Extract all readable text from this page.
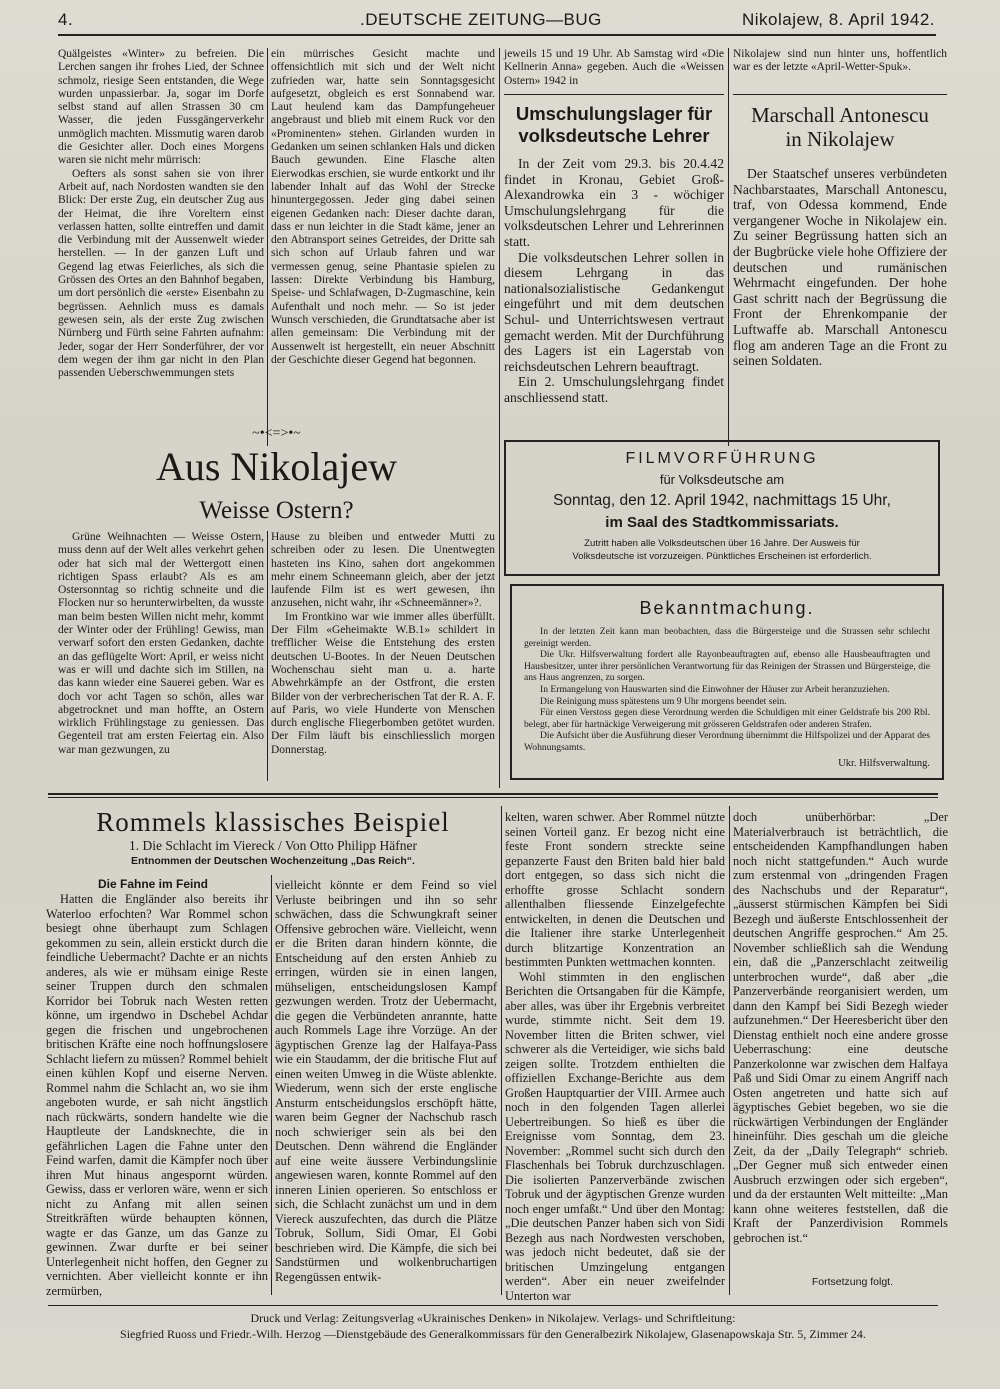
4.	.DEUTSCHE ZEITUNG—BUG	Nikolajew, 8. April 1942.

Quälgeistes «Winter» zu befreien. Die Lerchen sangen ihr frohes Lied, der Schnee schmolz, riesige Seen entstanden, die Wege wurden unpassierbar. Ja, sogar im Dorfe selbst stand auf allen Strassen 30 cm Wasser, die jeden Fussgängerverkehr unmöglich machten. Missmutig waren darob die Gesichter aller. Doch eines Morgens waren sie nicht mehr mürrisch:

Oefters als sonst sahen sie von ihrer Arbeit auf, nach Nordosten wandten sie den Blick: Der erste Zug, ein deutscher Zug aus der Heimat, die ihre Voreltern einst verlassen hatten, sollte eintreffen und damit die Verbindung mit der Aussenwelt wieder herstellen. — In der ganzen Luft und Gegend lag etwas Feierliches, als sich die Grössen des Ortes an den Bahnhof begaben, um dort persönlich die «erste» Eisenbahn zu begrüssen. Aehnlich muss es damals gewesen sein, als der erste Zug zwischen Nürnberg und Fürth seine Fahrten aufnahm: Jeder, sogar der Herr Sonderführer, der vor dem wegen der ihm gar nicht in den Plan passenden Ueberschwemmungen stets

ein mürrisches Gesicht machte und offensichtlich mit sich und der Welt nicht zufrieden war, hatte sein Sonntagsgesicht aufgesetzt, obgleich es erst Sonnabend war. Laut heulend kam das Dampfungeheuer angebraust und blieb mit einem Ruck vor den «Prominenten» stehen. Girlanden wurden in Gedanken um seinen schlanken Hals und dicken Bauch gewunden. Eine Flasche alten Eierwodkas erschien, sie wurde entkorkt und ihr labender Inhalt auf das Wohl der Strecke hinuntergegossen. Jeder ging dabei seinen eigenen Gedanken nach: Dieser dachte daran, dass er nun leichter in die Stadt käme, jener an den Abtransport seines Getreides, der Dritte sah sich schon auf Urlaub fahren und war vermessen genug, seine Phantasie spielen zu lassen: Direkte Verbindung bis Hamburg, Speise- und Schlafwagen, D-Zugmaschine, kein Aufenthalt und noch mehr. — So ist jeder Wunsch verschieden, die Grundtatsache aber ist allen gemeinsam: Die Verbindung mit der Aussenwelt ist hergestellt, ein neuer Abschnitt der Geschichte dieser Gegend hat begonnen.

jeweils 15 und 19 Uhr. Ab Samstag wird «Die Kellnerin Anna» gegeben. Auch die «Weissen Ostern» 1942 in

Nikolajew sind nun hinter uns, hoffentlich war es der letzte «April-Wetter-Spuk».

Umschulungslager für
volksdeutsche Lehrer

In der Zeit vom 29.3. bis 20.4.42 findet in Kronau, Gebiet Groß-Alexandrowka ein 3 - wöchiger Umschulungslehrgang für die volksdeutschen Lehrer und Lehrerinnen statt.

Die volksdeutschen Lehrer sollen in diesem Lehrgang in das nationalsozialistische Gedankengut eingeführt und mit dem deutschen Schul- und Unterrichtswesen vertraut gemacht werden. Mit der Durchführung des Lagers ist ein Lagerstab von reichsdeutschen Lehrern beauftragt.

Ein 2. Umschulungslehrgang findet anschliessend statt.

Marschall Antonescu
in Nikolajew

Der Staatschef unseres verbündeten Nachbarstaates, Marschall Antonescu, traf, von Odessa kommend, Ende vergangener Woche in Nikolajew ein. Zu seiner Begrüssung hatten sich an der Bugbrücke viele hohe Offiziere der deutschen und rumänischen Wehrmacht eingefunden. Der hohe Gast schritt nach der Begrüssung die Front der Ehrenkompanie der Luftwaffe ab. Marschall Antonescu flog am anderen Tage an die Front zu seinen Soldaten.

~•<=>•~
Aus Nikolajew
Weisse Ostern?

Grüne Weihnachten — Weisse Ostern, muss denn auf der Welt alles verkehrt gehen oder hat sich mal der Wettergott einen richtigen Spass erlaubt? Als es am Ostersonntag so richtig schneite und die Flocken nur so herunterwirbelten, da wusste man beim besten Willen nicht mehr, kommt der Winter oder der Frühling! Gewiss, man verwarf sofort den ersten Gedanken, dachte an das geflügelte Wort: April, er weiss nicht was er will und dachte sich im Stillen, na das kann wieder eine Sauerei geben. War es doch vor acht Tagen so schön, alles war abgetrocknet und man hoffte, an Ostern wirklich Frühlingstage zu geniessen. Das Gegenteil trat am ersten Feiertag ein. Also war man gezwungen, zu

Hause zu bleiben und entweder Mutti zu schreiben oder zu lesen. Die Unentwegten hasteten ins Kino, sahen dort angekommen mehr einem Schneemann gleich, aber der jetzt laufende Film ist es wert gewesen, ihn anzusehen, nicht wahr, ihr «Schneemänner»?.

Im Frontkino war wie immer alles überfüllt. Der Film «Geheimakte W.B.1» schildert in trefflicher Weise die Entstehung des ersten deutschen U-Bootes. In der Neuen Deutschen Wochenschau sieht man u. a. harte Abwehrkämpfe an der Ostfront, die ersten Bilder von der verbrecherischen Tat der R. A. F. auf Paris, wo viele Hunderte von Menschen durch englische Fliegerbomben getötet wurden. Der Film läuft bis einschliesslich morgen Donnerstag.

FILMVORFÜHRUNG
für Volksdeutsche am
Sonntag, den 12. April 1942, nachmittags 15 Uhr,
im Saal des Stadtkommissariats.
Zutritt haben alle Volksdeutschen über 16 Jahre. Der Ausweis für
Volksdeutsche ist vorzuzeigen. Pünktliches Erscheinen ist erforderlich.
Bekanntmachung.

In der letzten Zeit kann man beobachten, dass die Bürgersteige und die Strassen sehr schlecht gereinigt werden.

Die Ukr. Hilfsverwaltung fordert alle Rayonbeauftragten auf, ebenso alle Hausbeauftragten und Hausbesitzer, unter ihrer persönlichen Verantwortung für das Reinigen der Strassen und Bürgersteige, die ans Haus angrenzen, zu sorgen.

In Ermangelung von Hauswarten sind die Einwohner der Häuser zur Arbeit heranzuziehen.

Die Reinigung muss spätestens um 9 Uhr morgens beendet sein.

Für einen Verstoss gegen diese Verordnung werden die Schuldigen mit einer Geldstrafe bis 200 Rbl. belegt, aber für hartnäckige Verweigerung mit grösseren Geldstrafen oder anderen Strafen.

Die Aufsicht über die Ausführung dieser Verordnung übernimmt die Hilfspolizei und der Apparat des Wohnungsamts.

Ukr. Hilfsverwaltung.
Rommels klassisches Beispiel
1. Die Schlacht im Viereck / Von Otto Philipp Häfner
Entnommen der Deutschen Wochenzeitung „Das Reich“.
Die Fahne im Feind

Hatten die Engländer also bereits ihr Waterloo erfochten? War Rommel schon besiegt ohne überhaupt zum Schlagen gekommen zu sein, allein erstickt durch die feindliche Uebermacht? Dachte er an nichts anderes, als wie er mühsam einige Reste seiner Truppen durch den schmalen Korridor bei Tobruk nach Westen retten könne, um irgendwo in Dschebel Achdar gegen die frischen und ungebrochenen britischen Kräfte eine noch hoffnungslosere Schlacht liefern zu müssen? Rommel behielt einen kühlen Kopf und eiserne Nerven. Rommel nahm die Schlacht an, wo sie ihm angeboten wurde, er sah nicht ängstlich nach rückwärts, sondern handelte wie die Hauptleute der Landsknechte, die in gefährlichen Lagen die Fahne unter den Feind warfen, damit die Kämpfer noch über ihren Mut hinaus angespornt würden. Gewiss, dass er verloren wäre, wenn er sich nicht zu Anfang mit allen seinen Streitkräften würde behaupten können, wagte er das Ganze, um das Ganze zu gewinnen. Zwar durfte er bei seiner Unterlegenheit nicht hoffen, den Gegner zu vernichten. Aber vielleicht konnte er ihn zermürben,

vielleicht könnte er dem Feind so viel Verluste beibringen und ihn so sehr schwächen, dass die Schwungkraft seiner Offensive gebrochen wäre. Vielleicht, wenn er die Briten daran hindern könnte, die Entscheidung auf den ersten Anhieb zu erringen, würden sie in einen langen, mühseligen, entscheidungslosen Kampf gezwungen werden. Trotz der Uebermacht, die gegen die Verbündeten anrannte, hatte auch Rommels Lage ihre Vorzüge. An der ägyptischen Grenze lag der Halfaya-Pass wie ein Staudamm, der die britische Flut auf einen weiten Umweg in die Wüste ablenkte. Wiederum, wenn sich der erste englische Ansturm entscheidungslos erschöpft hätte, waren beim Gegner der Nachschub rasch noch schwieriger sein als bei den Deutschen. Denn während die Engländer auf eine weite äussere Verbindungslinie angewiesen waren, konnte Rommel auf den inneren Linien operieren. So entschloss er sich, die Schlacht zunächst um und in dem Viereck auszufechten, das durch die Plätze Tobruk, Sollum, Sidi Omar, El Gobi beschrieben wird. Die Kämpfe, die sich bei Sandstürmen und wolkenbruchartigen Regengüssen entwik-

kelten, waren schwer. Aber Rommel nützte seinen Vorteil ganz. Er bezog nicht eine feste Front sondern streckte seine gepanzerte Faust den Briten bald hier bald dort entgegen, so dass sich nicht die erhoffte grosse Schlacht sondern allenthalben fliessende Einzelgefechte entwickelten, in denen die Deutschen und die Italiener ihre starke Unterlegenheit durch blitzartige Konzentration an bestimmten Punkten wettmachen konnten.

Wohl stimmten in den englischen Berichten die Ortsangaben für die Kämpfe, aber alles, was über ihr Ergebnis verbreitet wurde, stimmte nicht. Seit dem 19. November litten die Briten schwer, viel schwerer als die Verteidiger, wie sichs bald zeigen sollte. Trotzdem enthielten die offiziellen Exchange-Berichte aus dem Großen Hauptquartier der VIII. Armee auch noch in den folgenden Tagen allerlei Uebertreibungen. So hieß es über die Ereignisse vom Sonntag, dem 23. November: „Rommel sucht sich durch den Flaschenhals bei Tobruk durchzuschlagen. Die isolierten Panzerverbände zwischen Tobruk und der ägyptischen Grenze wurden noch enger umfaßt.“ Und über den Montag: „Die deutschen Panzer haben sich von Sidi Bezegh aus nach Nordwesten verschoben, was jedoch nicht bedeutet, daß sie der britischen Umzingelung entgangen werden“. Aber ein neuer zweifelnder Unterton war

doch unüberhörbar: „Der Materialverbrauch ist beträchtlich, die entscheidenden Kampfhandlungen haben noch nicht stattgefunden.“ Auch wurde zum erstenmal von „dringenden Fragen des Nachschubs und der Reparatur“, „äusserst stürmischen Kämpfen bei Sidi Bezegh und äußerste Entschlossenheit der deutschen Angriffe gesprochen.“ Am 25. November schließlich sah die Wendung ein, daß die „Panzerschlacht zeitweilig unterbrochen wurde“, daß aber „die Panzerverbände reorganisiert werden, um dann den Kampf bei Sidi Bezegh wieder aufzunehmen.“ Der Heeresbericht über den Dienstag enthielt noch eine andere grosse Ueberraschung: eine deutsche Panzerkolonne war zwischen dem Halfaya Paß und Sidi Omar zu einem Angriff nach Osten angetreten und hatte sich auf ägyptisches Gebiet begeben, wo sie die rückwärtigen Verbindungen der Engländer hineinführ. Dies geschah um die gleiche Zeit, da der „Daily Telegraph“ schrieb. „Der Gegner muß sich entweder einen Ausbruch erzwingen oder sich ergeben“, und da der erstaunten Welt mitteilte: „Man kann ohne weiteres feststellen, daß die Kraft der Panzerdivision Rommels gebrochen ist.“

Fortsetzung folgt.
Druck und Verlag: Zeitungsverlag «Ukrainisches Denken» in Nikolajew. Verlags- und Schriftleitung:
Siegfried Ruoss und Friedr.-Wilh. Herzog —Dienstgebäude des Generalkommissars für den Generalbezirk Nikolajew, Glasenapowskaja Str. 5, Zimmer 24.
